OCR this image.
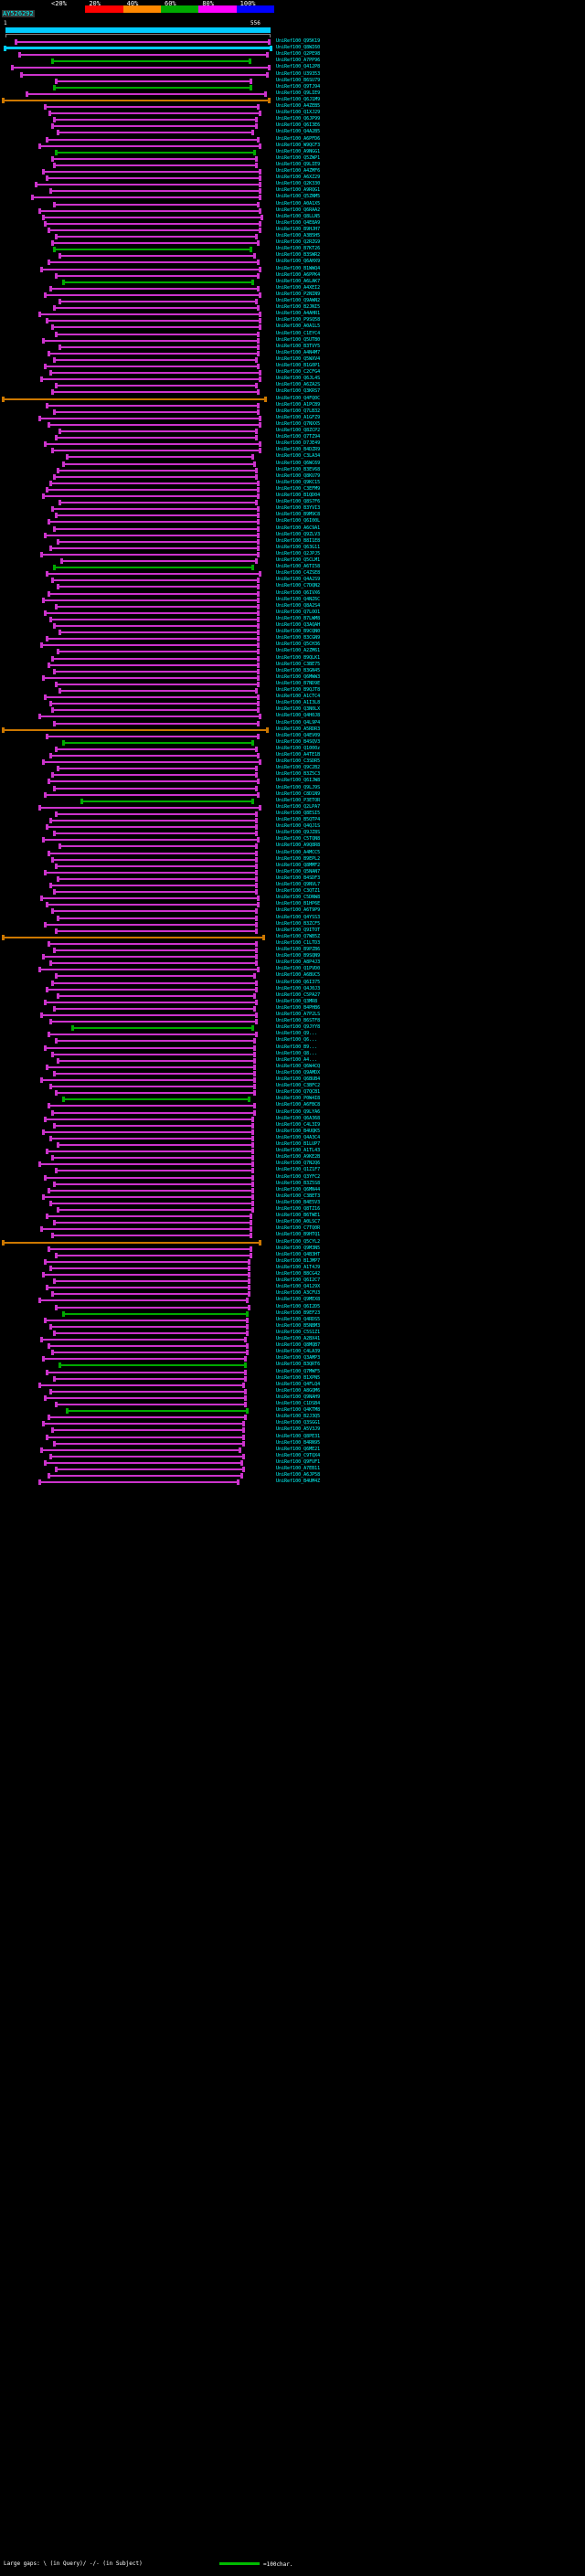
<20%	20%	40%	60%	80%	100%
AY526292
1	556
UniRef100_Q95K19
UniRef100_Q8WI60
UniRef100_Q2PE98
UniRef100_A7PP96
UniRef100_Q412P8
UniRef100_U39353
UniRef100_B6SU79
UniRef100_Q9TJ94
UniRef100_Q9LIE9
UniRef100_Q6J1M9
UniRef100_A4ZEB5
UniRef100_Q1XJ29
UniRef100_Q6JP99
UniRef100_Q6I3E6
UniRef100_Q4A2B5
UniRef100_A6PFD6
UniRef100_W9QCF3
UniRef100_A9NGG1
UniRef100_Q5ZWP1
UniRef100_Q9LIE9
UniRef100_A4ZMF6
UniRef100_A6XZ29
UniRef100_Q2K330
UniRef100_A9RQG1
UniRef100_Q5ZNM5
UniRef100_A0A1X5
UniRef100_Q6RAA2
UniRef100_Q8LLN5
UniRef100_Q4E8A9
UniRef100_B9HJH7
UniRef100_A3B5H5
UniRef100_Q2RZG9
UniRef100_B7KT26
UniRef100_B3SWR2
UniRef100_Q6AHX9
UniRef100_B1WWQ4
UniRef100_A6PPK4
UniRef100_A6LAK7
UniRef100_A4XEI2
UniRef100_P2NIN9
UniRef100_Q9AWN2
UniRef100_B2JNI5
UniRef100_A4AHR1
UniRef100_P9SQ58
UniRef100_A0A1L5
UniRef100_C1EYC4
UniRef100_Q5UTB0
UniRef100_B3TVY5
UniRef100_A4N4M7
UniRef100_Q5WXV4
UniRef100_B1G0P1
UniRef100_C2CFG4
UniRef100_Q6JL4S
UniRef100_A6ZA2S
UniRef100_Q3KRS7
UniRef100_Q4FQ0C
UniRef100_A1PCB9
UniRef100_Q7LB32
UniRef100_A1GFZ9
UniRef100_Q7NXX5
UniRef100_Q8ZCP2
UniRef100_Q7TZ94
UniRef100_D7JE49
UniRef100_B4DZR9
UniRef100_C3LA34
UniRef100_Q6WC69
UniRef100_B3EV68
UniRef100_Q8KU79
UniRef100_Q9KC15
UniRef100_C3EFM9
UniRef100_B1QD04
UniRef100_Q8S7F6
UniRef100_B3YVI3
UniRef100_B9M9C8
UniRef100_Q6I00L
UniRef100_A6C9A1
UniRef100_Q9ZLV3
UniRef100_B8I1E8
UniRef100_Q63G11
UniRef100_Q2JPJ5
UniRef100_Q5CLM1
UniRef100_A6TI58
UniRef100_C4ZSE8
UniRef100_Q4A2S9
UniRef100_C7DQN2
UniRef100_Q6IVX6
UniRef100_Q4NZ6C
UniRef100_Q8A2S4
UniRef100_Q7LOO1
UniRef100_B7LWM8
UniRef100_Q3AQAH
UniRef100_B9CQN0
UniRef100_B3CGN9
UniRef100_Q5CH36
UniRef100_A2ZM61
UniRef100_B9QLK1
UniRef100_C3BE75
UniRef100_B3GN45
UniRef100_Q6MWW3
UniRef100_B7ND9E
UniRef100_B9QJT8
UniRef100_A1CTC4
UniRef100_A1I3L8
UniRef100_Q3N0LX
UniRef100_Q4H0J8
UniRef100_Q4L9P4
UniRef100_A5RDR3
UniRef100_Q4EV09
UniRef100_B4SQV3
UniRef100_Q1000z
UniRef100_A4TE1B
UniRef100_C3SDR5
UniRef100_Q9C2B2
UniRef100_B3Z5C3
UniRef100_Q6IJW8
UniRef100_Q9LJ9S
UniRef100_C8D1N9
UniRef100_P3ETOR
UniRef100_Q2LPA7
UniRef100_Q8ESI5
UniRef100_B5QTP4
UniRef100_Q4QJ1S
UniRef100_Q9JZ8S
UniRef100_C5TQN8
UniRef100_A9Q8R8
UniRef100_A4MCC5
UniRef100_B9EPL2
UniRef100_Q8MMF2
UniRef100_Q5NAN7
UniRef100_B4SDF3
UniRef100_Q9NVL7
UniRef100_C3QTZ1
UniRef100_C5DNW8
UniRef100_B1HP6E
UniRef100_A6T9P9
UniRef100_Q4YSS3
UniRef100_B3ZCF5
UniRef100_Q9ITOT
UniRef100_Q7WB5Z
UniRef100_C1LTD3
UniRef100_B9PZB6
UniRef100_B9SQN9
UniRef100_A8P4J3
UniRef100_Q1PVD0
UniRef100_A6BUC5
UniRef100_Q6I375
UniRef100_Q4J0J3
UniRef100_C5PA27
UniRef100_Q3MR8
UniRef100_B4PHB6
UniRef100_A7P2LS
UniRef100_B6STF8
UniRef100_Q9JYY8
UniRef100_Q9...
UniRef100_Q6...
UniRef100_B9...
UniRef100_Q8...
UniRef100_A4...
UniRef100_Q6W4CQ
UniRef100_Q9AMDX
UniRef100_Q6BUB4
UniRef100_C3BFC2
UniRef100_Q7QCB1
UniRef100_P0W4I8
UniRef100_A6FBC8
UniRef100_Q9LYA6
UniRef100_Q6A368
UniRef100_C4L3I9
UniRef100_B4UQK5
UniRef100_Q4A3C4
UniRef100_B1LUP7
UniRef100_A1TL43
UniRef100_A9KE2B
UniRef100_Q7N2Q6
UniRef100_Q1Z1F7
UniRef100_Q3YFC2
UniRef100_B3Z5S8
UniRef100_Q6MN44
UniRef100_C3BET3
UniRef100_B4E5V3
UniRef100_Q8TZ16
UniRef100_B6TWE1
UniRef100_A0LSC7
UniRef100_C7TQ0R
UniRef100_B9HTQ1
UniRef100_Q5CYL2
UniRef100_Q9M3N5
UniRef100_Q4B3HT
UniRef100_B1JMP7
UniRef100_A1T4J9
UniRef100_B8CG42
UniRef100_Q6I2C7
UniRef100_Q4129X
UniRef100_A3CFU3
UniRef100_Q9MEX8
UniRef100_Q6I2D5
UniRef100_B9EF23
UniRef100_Q4RDS5
UniRef100_B5NBM3
UniRef100_C5S1Z1
UniRef100_A2BX41
UniRef100_Q8MQB7
UniRef100_C4LA39
UniRef100_Q3AMP3
UniRef100_B3QRT6
UniRef100_Q7MWF5
UniRef100_B1XPN5
UniRef100_Q4FLQ4
UniRef100_A8GQM6
UniRef100_Q9NAH9
UniRef100_C1DSB4
UniRef100_Q4KTM8
UniRef100_B2J3Q5
UniRef100_Q3SGG1
UniRef100_A5V3J9
UniRef100_Q8PE31
UniRef100_B4RN95
UniRef100_Q6ME21
UniRef100_C9TQX4
UniRef100_Q9FUF1
UniRef100_A7EB11
UniRef100_A6JP58
UniRef100_B4UM4Z
Large gaps: \ (in Query)/ -/- (in Subject)	=100char.
